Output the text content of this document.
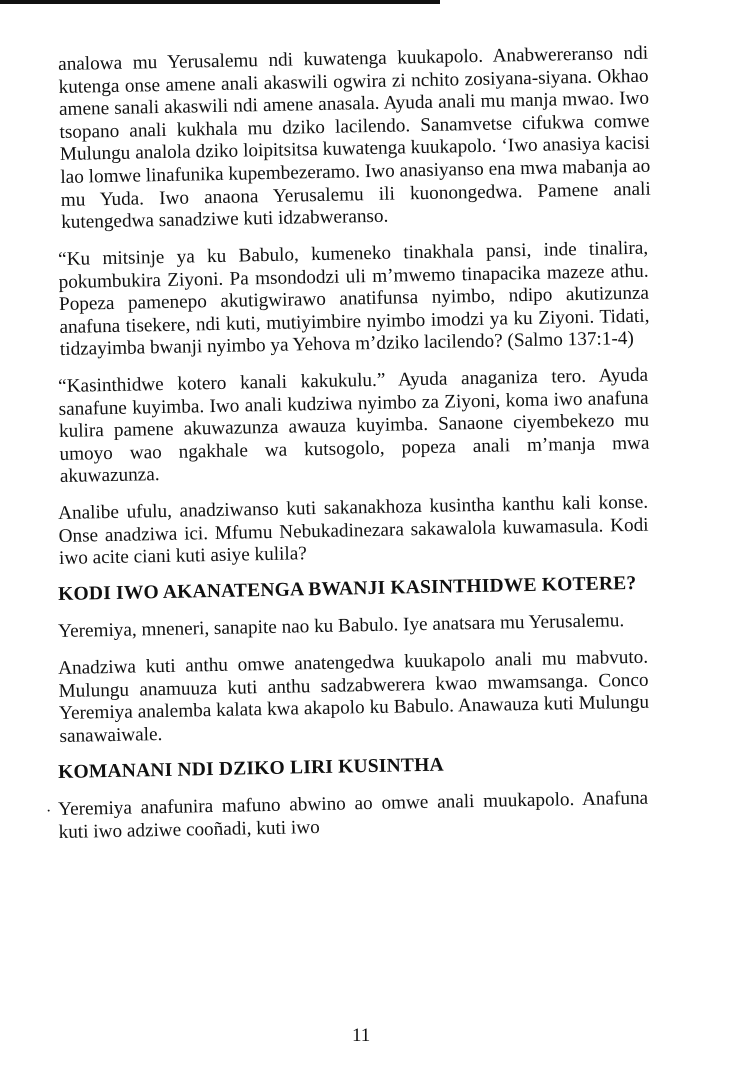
analowa mu Yerusalemu ndi kuwatenga kuukapolo. Anabwereranso ndi kutenga onse amene anali akaswili ogwira zi nchito zosiyana-siyana. Okhao amene sanali akaswili ndi amene anasala. Ayuda anali mu manja mwao. Iwo tsopano anali kukhala mu dziko lacilendo. Sanamvetse cifukwa comwe Mulungu analola dziko loipitsitsa kuwatenga kuukapolo. ‘Iwo anasiya kacisi lao lomwe linafunika kupembezeramo. Iwo anasiyanso ena mwa mabanja ao mu Yuda. Iwo anaona Yerusalemu ili kuonongedwa. Pamene anali kutengedwa sanadziwe kuti idzabweranso.

“Ku mitsinje ya ku Babulo, kumeneko tinakhala pansi, inde tinalira, pokumbukira Ziyoni. Pa msondodzi uli m’mwemo tinapacika mazeze athu. Popeza pamenepo akutigwirawo anatifunsa nyimbo, ndipo akutizunza anafuna tisekere, ndi kuti, mutiyimbire nyimbo imodzi ya ku Ziyoni. Tidati, tidzayimba bwanji nyimbo ya Yehova m’dziko lacilendo? (Salmo 137:1-4)

“Kasinthidwe kotero kanali kakukulu.” Ayuda anaganiza tero. Ayuda sanafune kuyimba. Iwo anali kudziwa nyimbo za Ziyoni, koma iwo anafuna kulira pamene akuwazunza awauza kuyimba. Sanaone ciyembekezo mu umoyo wao ngakhale wa kutsogolo, popeza anali m’manja mwa akuwazunza.

Analibe ufulu, anadziwanso kuti sakanakhoza kusintha kanthu kali konse. Onse anadziwa ici. Mfumu Nebukadinezara sakawalola kuwamasula. Kodi iwo acite ciani kuti asiye kulila?

KODI IWO AKANATENGA BWANJI KASINTHIDWE KOTERE?

Yeremiya, mneneri, sanapite nao ku Babulo. Iye anatsara mu Yerusalemu.

Anadziwa kuti anthu omwe anatengedwa kuukapolo anali mu mabvuto. Mulungu anamuuza kuti anthu sadzabwerera kwao mwamsanga. Conco Yeremiya analemba kalata kwa akapolo ku Babulo. Anawauza kuti Mulungu sanawaiwale.

KOMANANI NDI DZIKO LIRI KUSINTHA
· Yeremiya anafunira mafuno abwino ao omwe anali muukapolo. Anafuna kuti iwo adziwe cooñadi, kuti iwo

11
